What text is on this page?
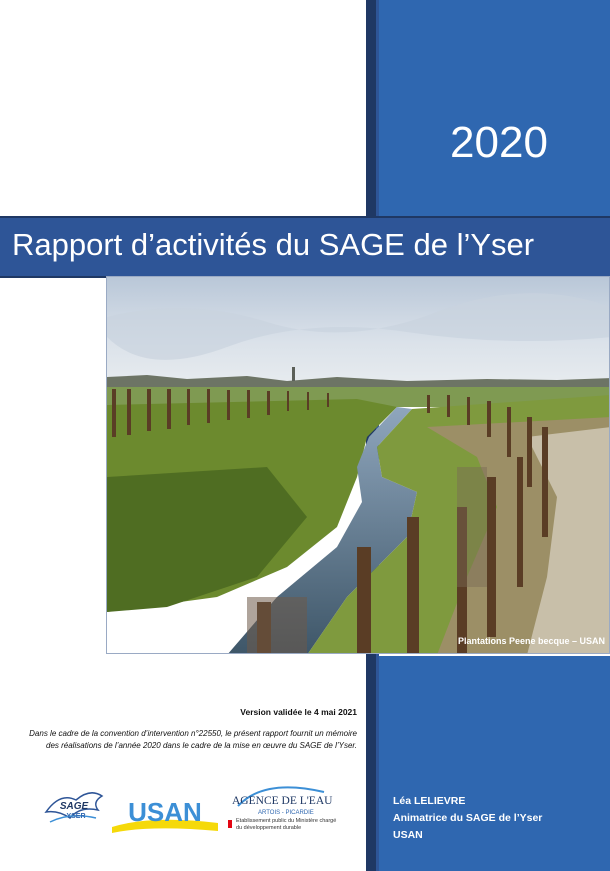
2020
Rapport d’activités du SAGE de l’Yser
Plantations Peene becque – USAN
Léa LELIEVRE
Animatrice du SAGE de l’Yser
USAN
Version validée le 4 mai 2021
Dans le cadre de la convention d’intervention n°22550, le présent rapport fournit un mémoire
des réalisations de l’année 2020 dans le cadre de la mise en œuvre du SAGE de l’Yser.
SAGE
YSER USAN	AGENCE DE L'EAU
ARTOIS - PICARDIE
Etablissement public du Ministère chargé
du développement durable
